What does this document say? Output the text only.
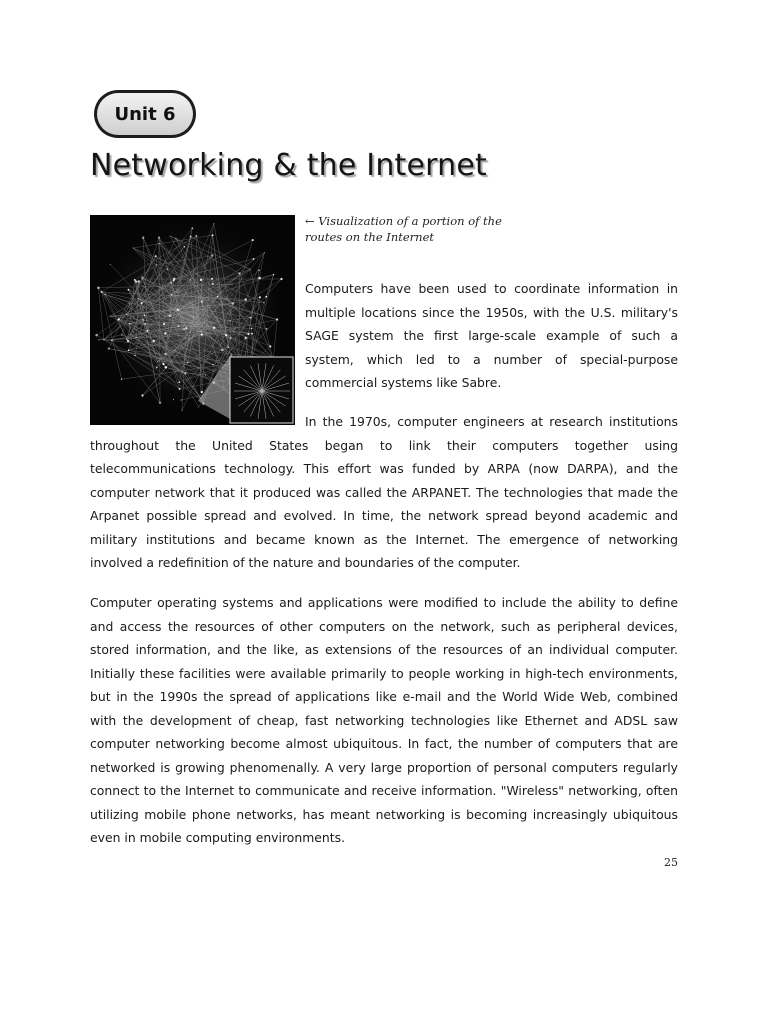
Unit 6
Networking & the Internet
← Visualization of a portion of the routes on the Internet

Computers have been used to coordinate information in multiple locations since the 1950s, with the U.S. military's SAGE system the first large-scale example of such a system, which led to a number of special-purpose commercial systems like Sabre.

In the 1970s, computer engineers at research institutions throughout the United States began to link their computers together using telecommunications technology. This effort was funded by ARPA (now DARPA), and the computer network that it produced was called the ARPANET. The technologies that made the Arpanet possible spread and evolved. In time, the network spread beyond academic and military institutions and became known as the Internet. The emergence of networking involved a redefinition of the nature and boundaries of the computer.

Computer operating systems and applications were modified to include the ability to define and access the resources of other computers on the network, such as peripheral devices, stored information, and the like, as extensions of the resources of an individual computer. Initially these facilities were available primarily to people working in high-tech environments, but in the 1990s the spread of applications like e-mail and the World Wide Web, combined with the development of cheap, fast networking technologies like Ethernet and ADSL saw computer networking become almost ubiquitous. In fact, the number of computers that are networked is growing phenomenally. A very large proportion of personal computers regularly connect to the Internet to communicate and receive information. "Wireless" networking, often utilizing mobile phone networks, has meant networking is becoming increasingly ubiquitous even in mobile computing environments.

25
